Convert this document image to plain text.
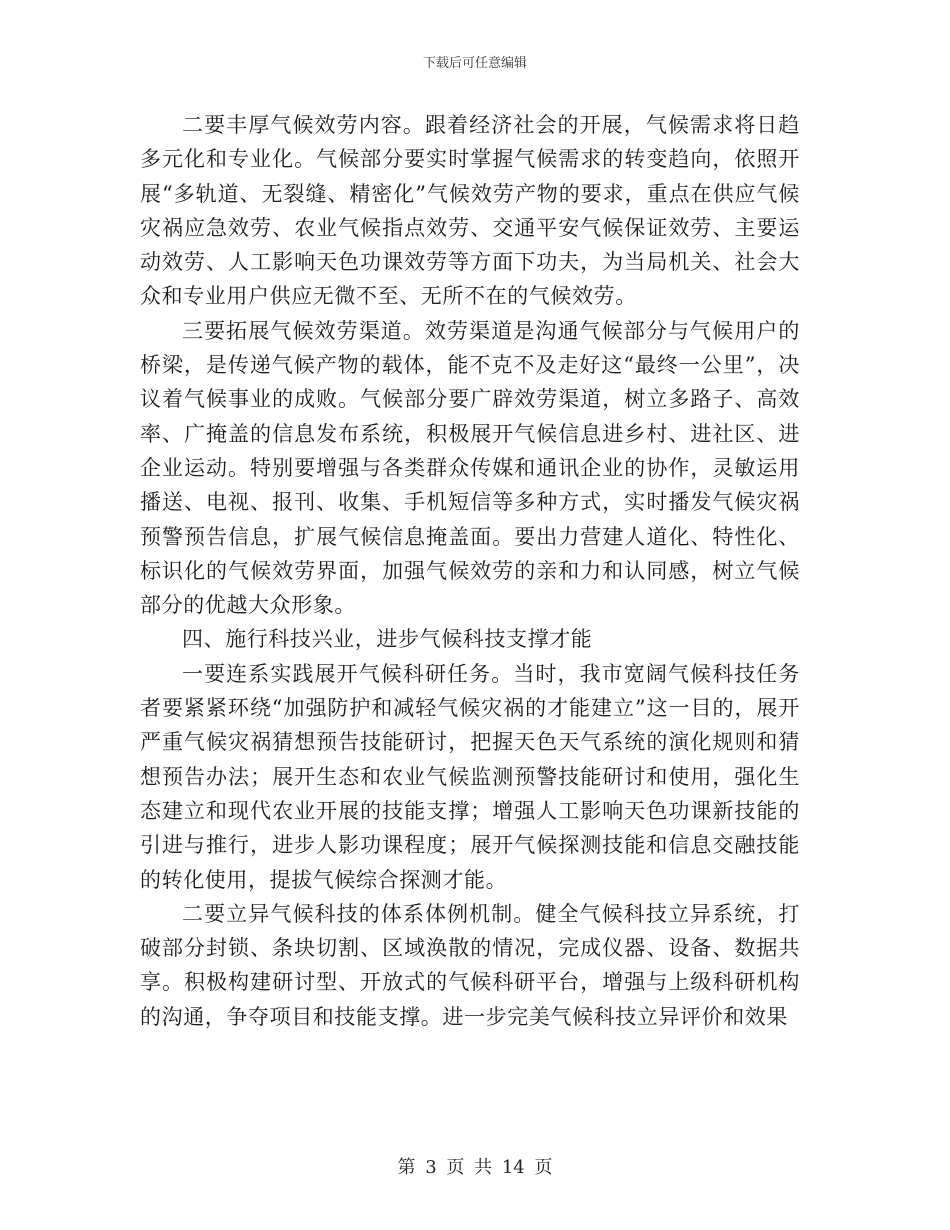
下载后可任意编辑

二要丰厚气候效劳内容。跟着经济社会的开展，气候需求将日趋多元化和专业化。气候部分要实时掌握气候需求的转变趋向，依照开展“多轨道、无裂缝、精密化”气候效劳产物的要求，重点在供应气候灾祸应急效劳、农业气候指点效劳、交通平安气候保证效劳、主要运动效劳、人工影响天色功课效劳等方面下功夫，为当局机关、社会大众和专业用户供应无微不至、无所不在的气候效劳。

三要拓展气候效劳渠道。效劳渠道是沟通气候部分与气候用户的桥梁，是传递气候产物的载体，能不克不及走好这“最终一公里”，决议着气候事业的成败。气候部分要广辟效劳渠道，树立多路子、高效率、广掩盖的信息发布系统，积极展开气候信息进乡村、进社区、进企业运动。特别要增强与各类群众传媒和通讯企业的协作，灵敏运用播送、电视、报刊、收集、手机短信等多种方式，实时播发气候灾祸预警预告信息，扩展气候信息掩盖面。要出力营建人道化、特性化、标识化的气候效劳界面，加强气候效劳的亲和力和认同感，树立气候部分的优越大众形象。

四、施行科技兴业，进步气候科技支撑才能

一要连系实践展开气候科研任务。当时，我市宽阔气候科技任务者要紧紧环绕“加强防护和减轻气候灾祸的才能建立”这一目的，展开严重气候灾祸猜想预告技能研讨，把握天色天气系统的演化规则和猜想预告办法；展开生态和农业气候监测预警技能研讨和使用，强化生态建立和现代农业开展的技能支撑；增强人工影响天色功课新技能的引进与推行，进步人影功课程度；展开气候探测技能和信息交融技能的转化使用，提拔气候综合探测才能。

二要立异气候科技的体系体例机制。健全气候科技立异系统，打破部分封锁、条块切割、区域涣散的情况，完成仪器、设备、数据共享。积极构建研讨型、开放式的气候科研平台，增强与上级科研机构的沟通，争夺项目和技能支撑。进一步完美气候科技立异评价和效果

第 3 页 共 14 页
